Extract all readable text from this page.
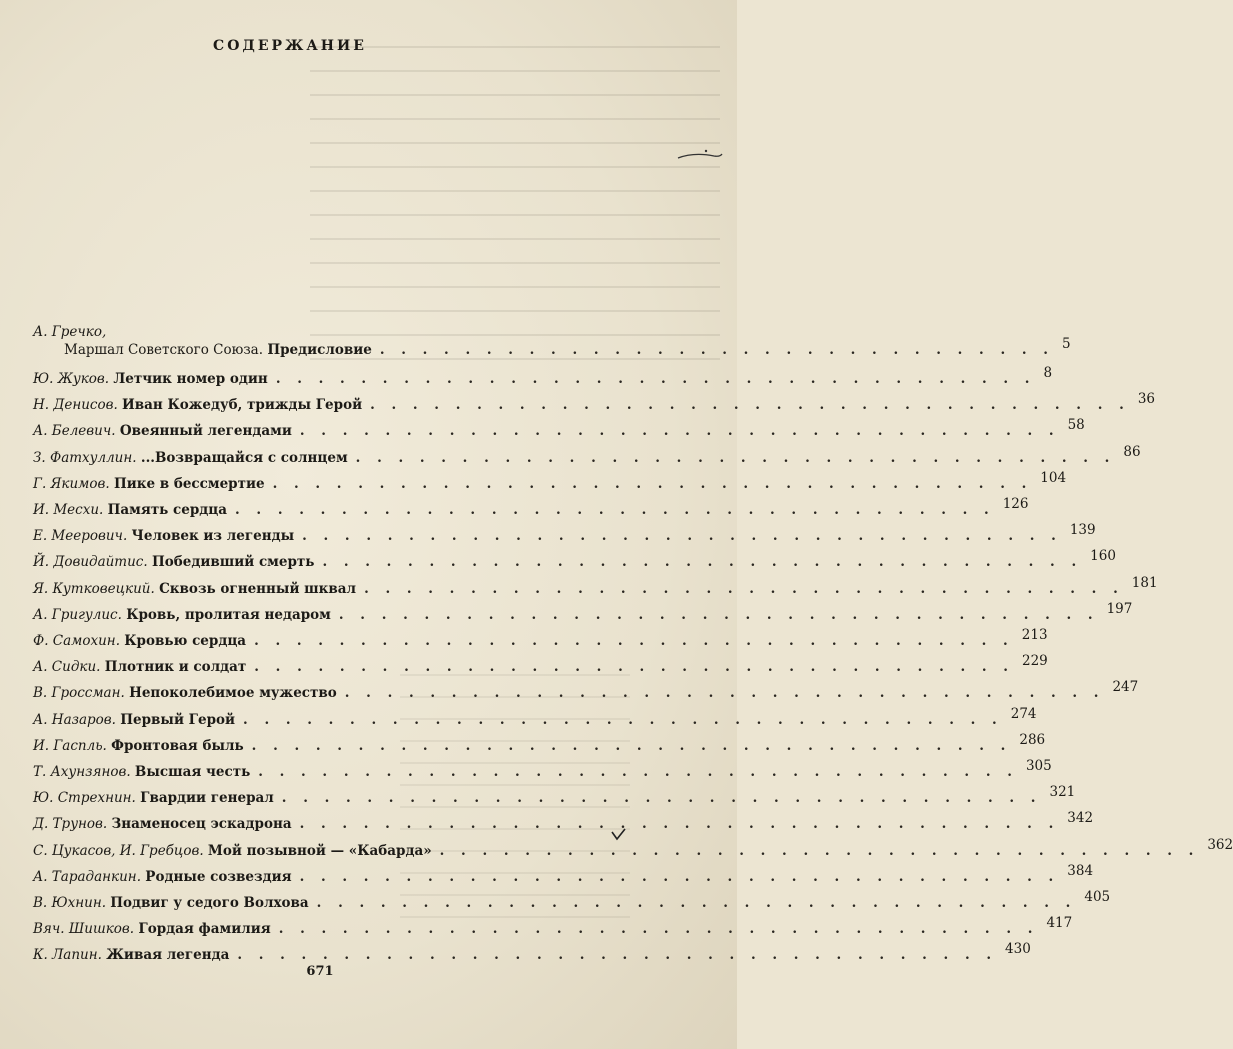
СОДЕРЖАНИЕ
А. Гречко,
Маршал Советского Союза. Предисловие . . . . . . . . . . . . . . . . . . . . . . . . . . . . . . . . 5
Ю. Жуков. Летчик номер один . . . . . . . . . . . . . . . . . . . . . . . . . . . . . . . . . . . . 8
Н. Денисов. Иван Кожедуб, трижды Герой . . . . . . . . . . . . . . . . . . . . . . . . . . . . . . . . . . . . 36
А. Белевич. Овеянный легендами . . . . . . . . . . . . . . . . . . . . . . . . . . . . . . . . . . . . 58
З. Фатхуллин. ...Возвращайся с солнцем . . . . . . . . . . . . . . . . . . . . . . . . . . . . . . . . . . . . 86
Г. Якимов. Пике в бессмертие . . . . . . . . . . . . . . . . . . . . . . . . . . . . . . . . . . . . 104
И. Месхи. Память сердца . . . . . . . . . . . . . . . . . . . . . . . . . . . . . . . . . . . . 126
Е. Меерович. Человек из легенды . . . . . . . . . . . . . . . . . . . . . . . . . . . . . . . . . . . . 139
Й. Довидайтис. Победивший смерть . . . . . . . . . . . . . . . . . . . . . . . . . . . . . . . . . . . . 160
Я. Кутковецкий. Сквозь огненный шквал . . . . . . . . . . . . . . . . . . . . . . . . . . . . . . . . . . . . 181
А. Григулис. Кровь, пролитая недаром . . . . . . . . . . . . . . . . . . . . . . . . . . . . . . . . . . . . 197
Ф. Самохин. Кровью сердца . . . . . . . . . . . . . . . . . . . . . . . . . . . . . . . . . . . . 213
А. Сидки. Плотник и солдат . . . . . . . . . . . . . . . . . . . . . . . . . . . . . . . . . . . . 229
В. Гроссман. Непоколебимое мужество . . . . . . . . . . . . . . . . . . . . . . . . . . . . . . . . . . . . 247
А. Назаров. Первый Герой . . . . . . . . . . . . . . . . . . . . . . . . . . . . . . . . . . . . 274
И. Гаспль. Фронтовая быль . . . . . . . . . . . . . . . . . . . . . . . . . . . . . . . . . . . . 286
Т. Ахунзянов. Высшая честь . . . . . . . . . . . . . . . . . . . . . . . . . . . . . . . . . . . . 305
Ю. Стрехнин. Гвардии генерал . . . . . . . . . . . . . . . . . . . . . . . . . . . . . . . . . . . . 321
Д. Трунов. Знаменосец эскадрона . . . . . . . . . . . . . . . . . . . . . . . . . . . . . . . . . . . . 342
С. Цукасов, И. Гребцов. Мой позывной — «Кабарда» . . . . . . . . . . . . . . . . . . . . . . . . . . . . . . . . . . . . 362
А. Тараданкин. Родные созвездия . . . . . . . . . . . . . . . . . . . . . . . . . . . . . . . . . . . . 384
В. Юхнин. Подвиг у седого Волхова . . . . . . . . . . . . . . . . . . . . . . . . . . . . . . . . . . . . 405
Вяч. Шишков. Гордая фамилия . . . . . . . . . . . . . . . . . . . . . . . . . . . . . . . . . . . . 417
К. Лапин. Живая легенда . . . . . . . . . . . . . . . . . . . . . . . . . . . . . . . . . . . . 430
671
